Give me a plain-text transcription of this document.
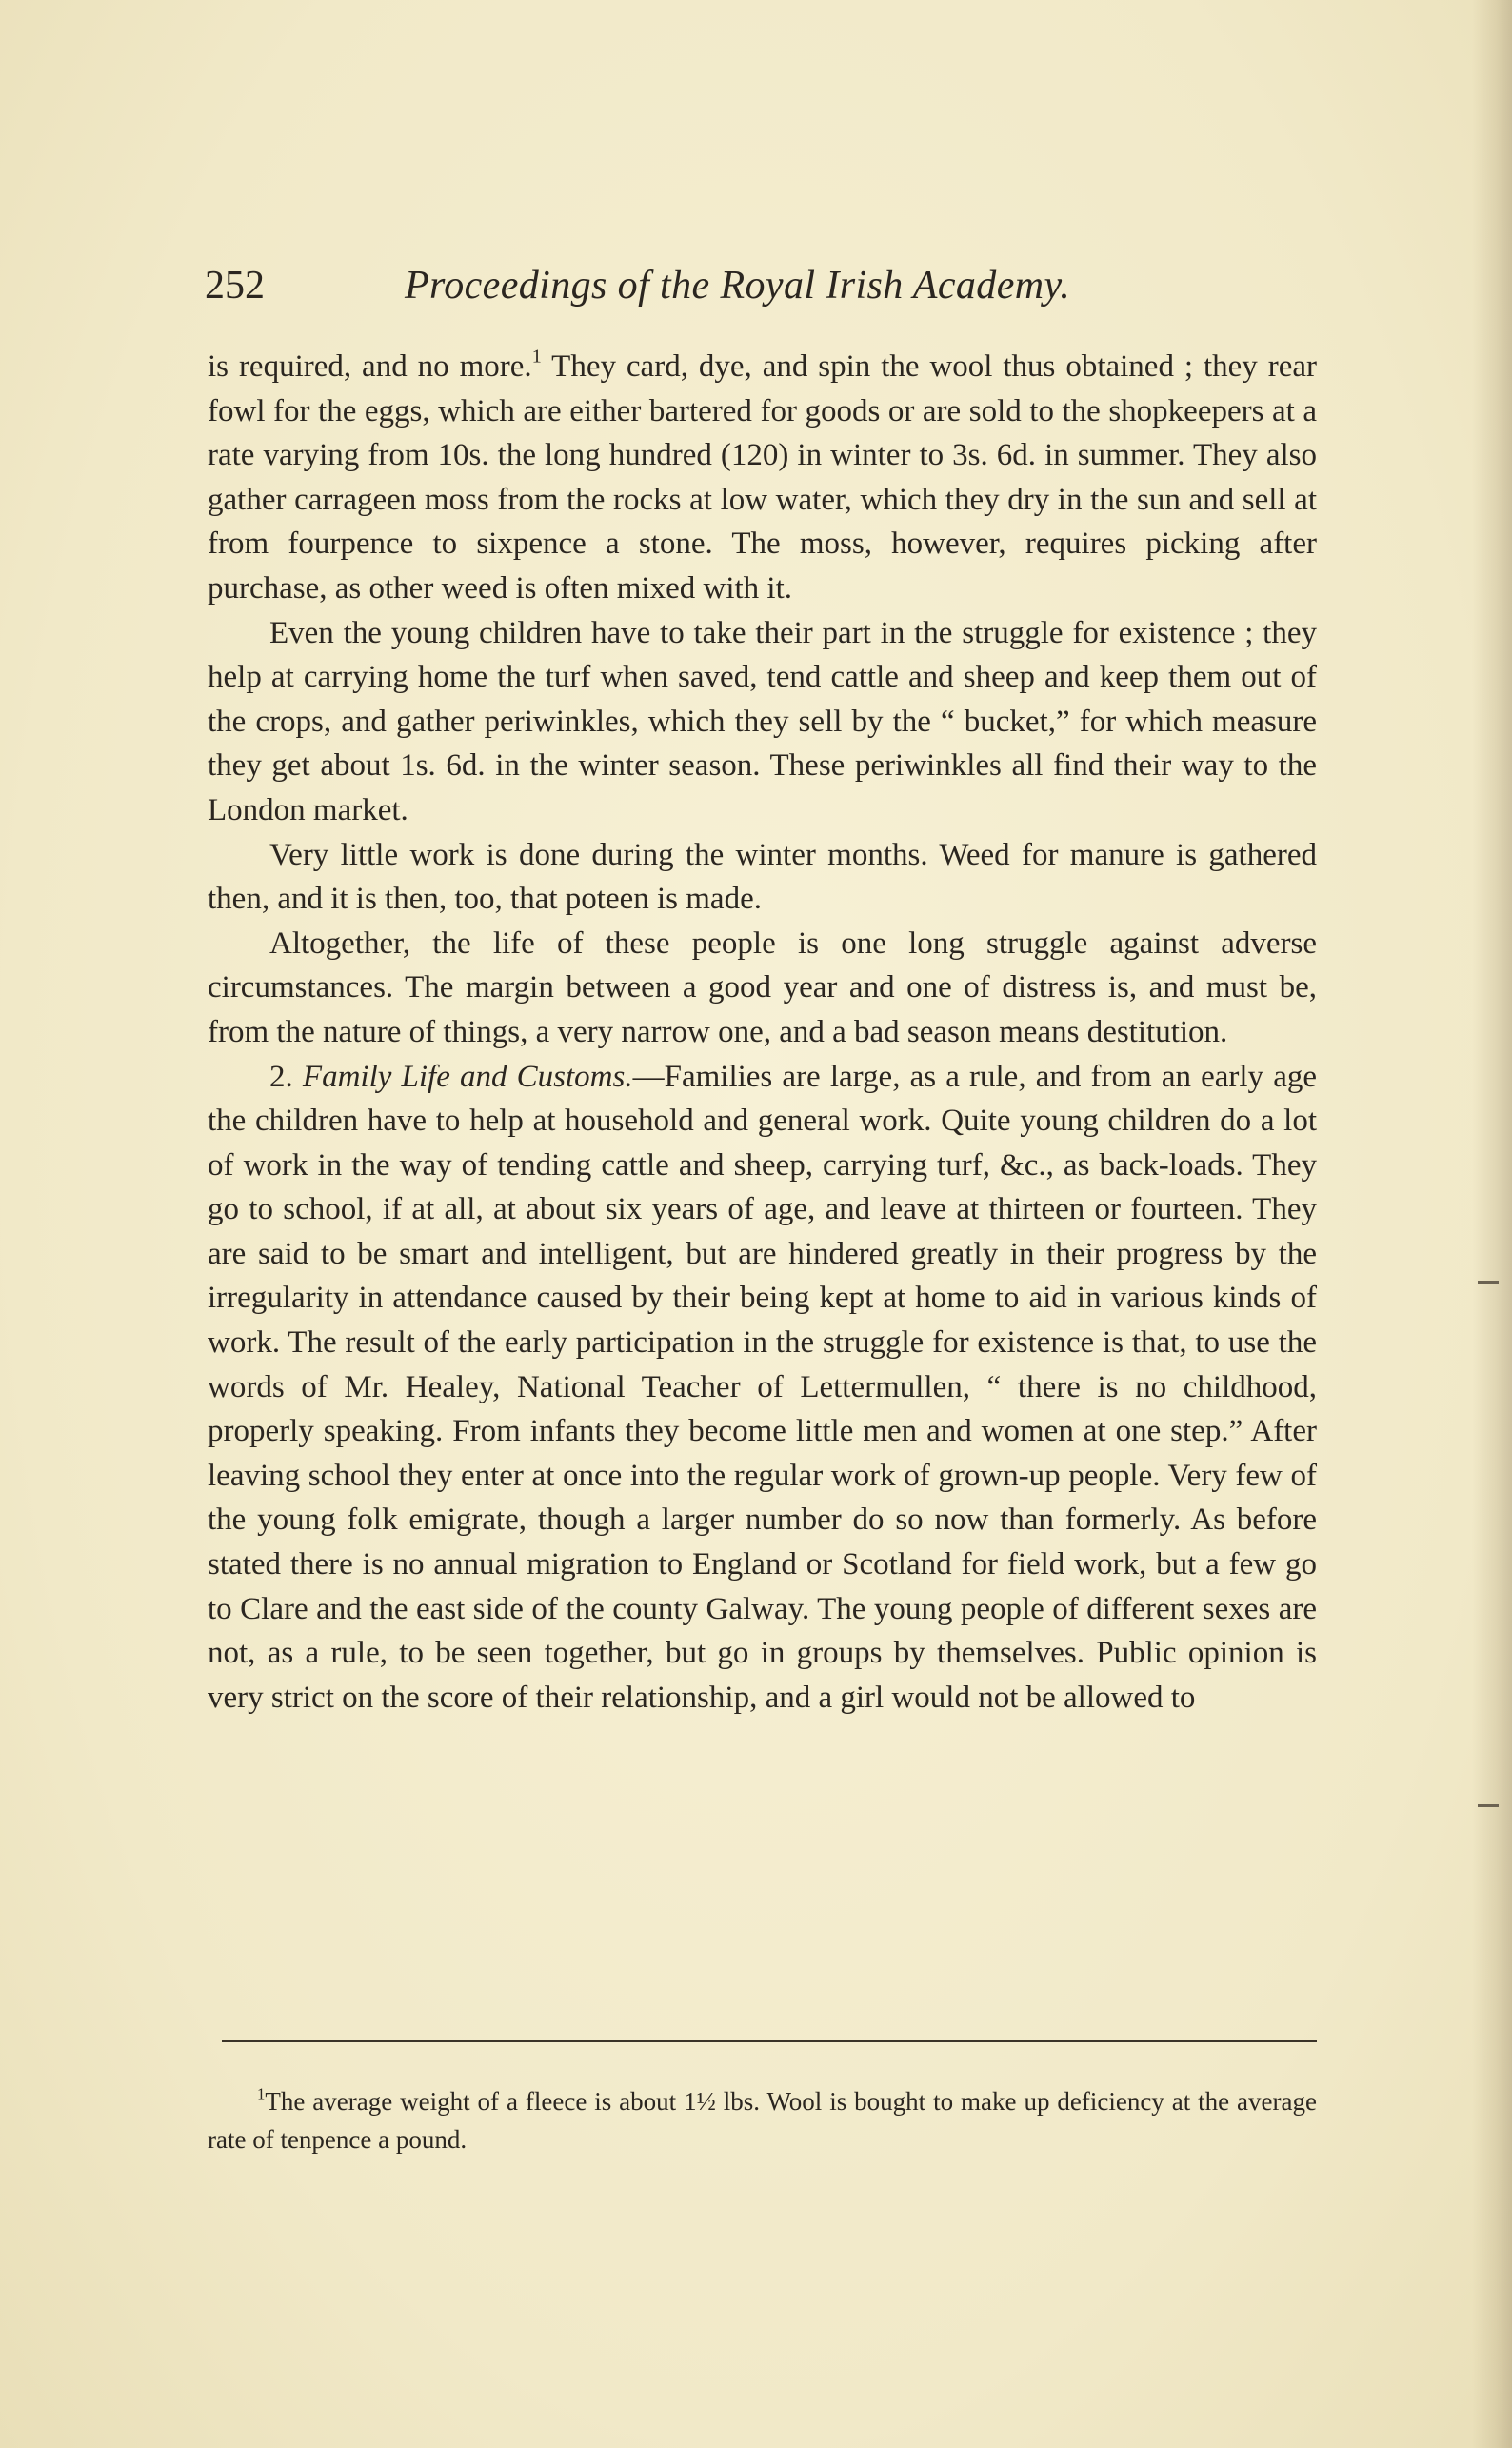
252	Proceedings of the Royal Irish Academy.

is required, and no more.$^1$ They card, dye, and spin the wool thus obtained ; they rear fowl for the eggs, which are either bartered for goods or are sold to the shopkeepers at a rate varying from 10s. the long hundred (120) in winter to 3s. 6d. in summer. They also gather carrageen moss from the rocks at low water, which they dry in the sun and sell at from fourpence to sixpence a stone. The moss, however, requires picking after purchase, as other weed is often mixed with it.

Even the young children have to take their part in the struggle for existence ; they help at carrying home the turf when saved, tend cattle and sheep and keep them out of the crops, and gather periwinkles, which they sell by the “ bucket,” for which measure they get about 1s. 6d. in the winter season. These periwinkles all find their way to the London market.

Very little work is done during the winter months. Weed for manure is gathered then, and it is then, too, that poteen is made.

Altogether, the life of these people is one long struggle against adverse circumstances. The margin between a good year and one of distress is, and must be, from the nature of things, a very narrow one, and a bad season means destitution.

2. Family Life and Customs.—Families are large, as a rule, and from an early age the children have to help at household and general work. Quite young children do a lot of work in the way of tending cattle and sheep, carrying turf, &c., as back-loads. They go to school, if at all, at about six years of age, and leave at thirteen or fourteen. They are said to be smart and intelligent, but are hindered greatly in their progress by the irregularity in attendance caused by their being kept at home to aid in various kinds of work. The result of the early participation in the struggle for existence is that, to use the words of Mr. Healey, National Teacher of Lettermullen, “ there is no childhood, properly speaking. From infants they become little men and women at one step.” After leaving school they enter at once into the regular work of grown-up people. Very few of the young folk emigrate, though a larger number do so now than formerly. As before stated there is no annual migration to England or Scotland for field work, but a few go to Clare and the east side of the county Galway. The young people of different sexes are not, as a rule, to be seen together, but go in groups by themselves. Public opinion is very strict on the score of their relationship, and a girl would not be allowed to

$^1$The average weight of a fleece is about 1½ lbs. Wool is bought to make up deficiency at the average rate of tenpence a pound.
